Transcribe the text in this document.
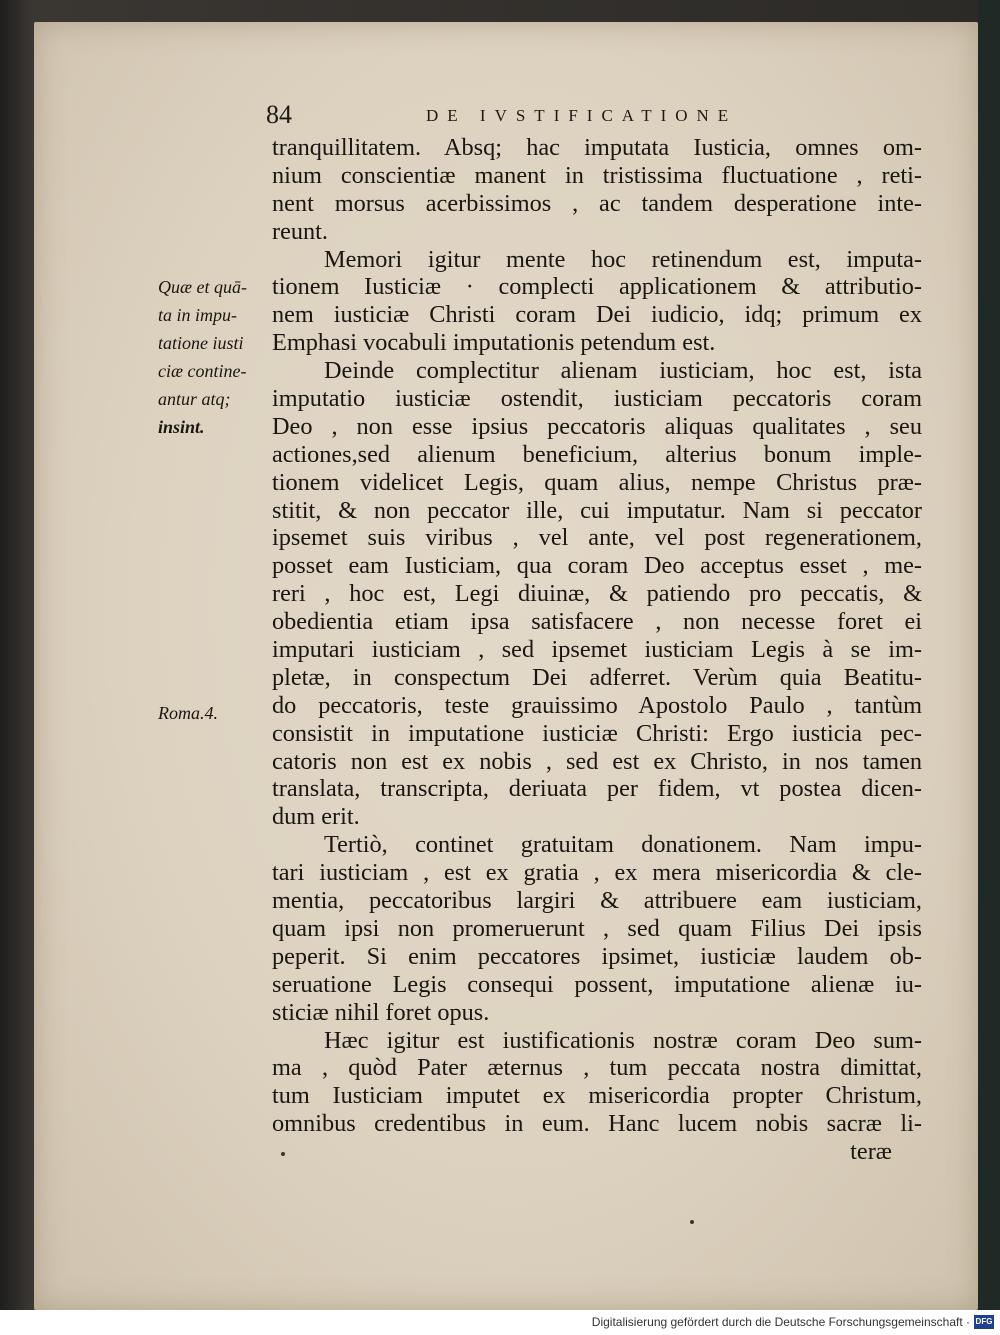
84	DE IVSTIFICATIONE
Quæ et quā-
ta in impu-
tatione iusti
ciæ contine-
antur atq;
insint.
Roma.4.
tranquillitatem. Absq; hac imputata Iusticia, omnes om-
nium conscientiæ manent in tristissima fluctuatione , reti-
nent morsus acerbissimos , ac tandem desperatione inte-
reunt.
Memori igitur mente hoc retinendum est, imputa-
tionem Iusticiæ · complecti applicationem & attributio-
nem iusticiæ Christi coram Dei iudicio, idq; primum ex
Emphasi vocabuli imputationis petendum est.
Deinde complectitur alienam iusticiam, hoc est, ista
imputatio iusticiæ ostendit, iusticiam peccatoris coram
Deo , non esse ipsius peccatoris aliquas qualitates , seu
actiones,sed alienum beneficium, alterius bonum imple-
tionem videlicet Legis, quam alius, nempe Christus præ-
stitit, & non peccator ille, cui imputatur. Nam si peccator
ipsemet suis viribus , vel ante, vel post regenerationem,
posset eam Iusticiam, qua coram Deo acceptus esset , me-
reri , hoc est, Legi diuinæ, & patiendo pro peccatis, &
obedientia etiam ipsa satisfacere , non necesse foret ei
imputari iusticiam , sed ipsemet iusticiam Legis à se im-
pletæ, in conspectum Dei adferret. Verùm quia Beatitu-
do peccatoris, teste grauissimo Apostolo Paulo , tantùm
consistit in imputatione iusticiæ Christi: Ergo iusticia pec-
catoris non est ex nobis , sed est ex Christo, in nos tamen
translata, transcripta, deriuata per fidem, vt postea dicen-
dum erit.
Tertiò, continet gratuitam donationem. Nam impu-
tari iusticiam , est ex gratia , ex mera misericordia & cle-
mentia, peccatoribus largiri & attribuere eam iusticiam,
quam ipsi non promeruerunt , sed quam Filius Dei ipsis
peperit. Si enim peccatores ipsimet, iusticiæ laudem ob-
seruatione Legis consequi possent, imputatione alienæ iu-
sticiæ nihil foret opus.
Hæc igitur est iustificationis nostræ coram Deo sum-
ma , quòd Pater æternus , tum peccata nostra dimittat,
tum Iusticiam imputet ex misericordia propter Christum,
omnibus credentibus in eum. Hanc lucem nobis sacræ li-
teræ
Digitalisierung gefördert durch die Deutsche Forschungsgemeinschaft · DFG
